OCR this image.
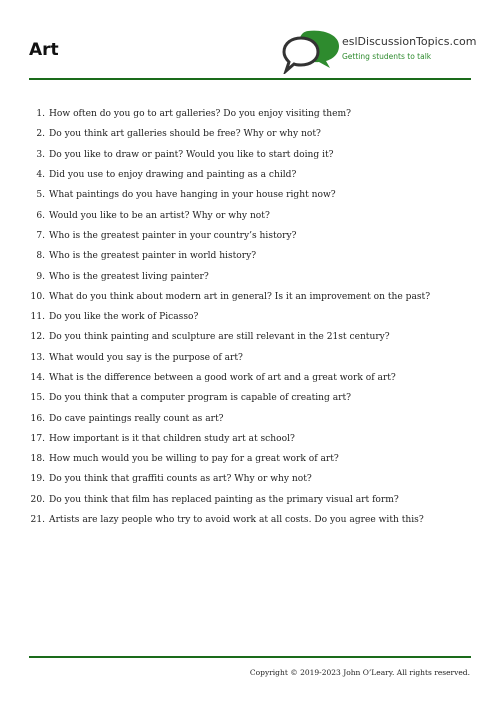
Art	eslDiscussionTopics.com
Getting students to talk
1. How often do you go to art galleries? Do you enjoy visiting them?
2. Do you think art galleries should be free? Why or why not?
3. Do you like to draw or paint? Would you like to start doing it?
4. Did you use to enjoy drawing and painting as a child?
5. What paintings do you have hanging in your house right now?
6. Would you like to be an artist? Why or why not?
7. Who is the greatest painter in your country’s history?
8. Who is the greatest painter in world history?
9. Who is the greatest living painter?
10. What do you think about modern art in general? Is it an improvement on the past?
11. Do you like the work of Picasso?
12. Do you think painting and sculpture are still relevant in the 21st century?
13. What would you say is the purpose of art?
14. What is the difference between a good work of art and a great work of art?
15. Do you think that a computer program is capable of creating art?
16. Do cave paintings really count as art?
17. How important is it that children study art at school?
18. How much would you be willing to pay for a great work of art?
19. Do you think that graffiti counts as art? Why or why not?
20. Do you think that film has replaced painting as the primary visual art form?
21. Artists are lazy people who try to avoid work at all costs. Do you agree with this?
Copyright © 2019-2023 John O’Leary. All rights reserved.
